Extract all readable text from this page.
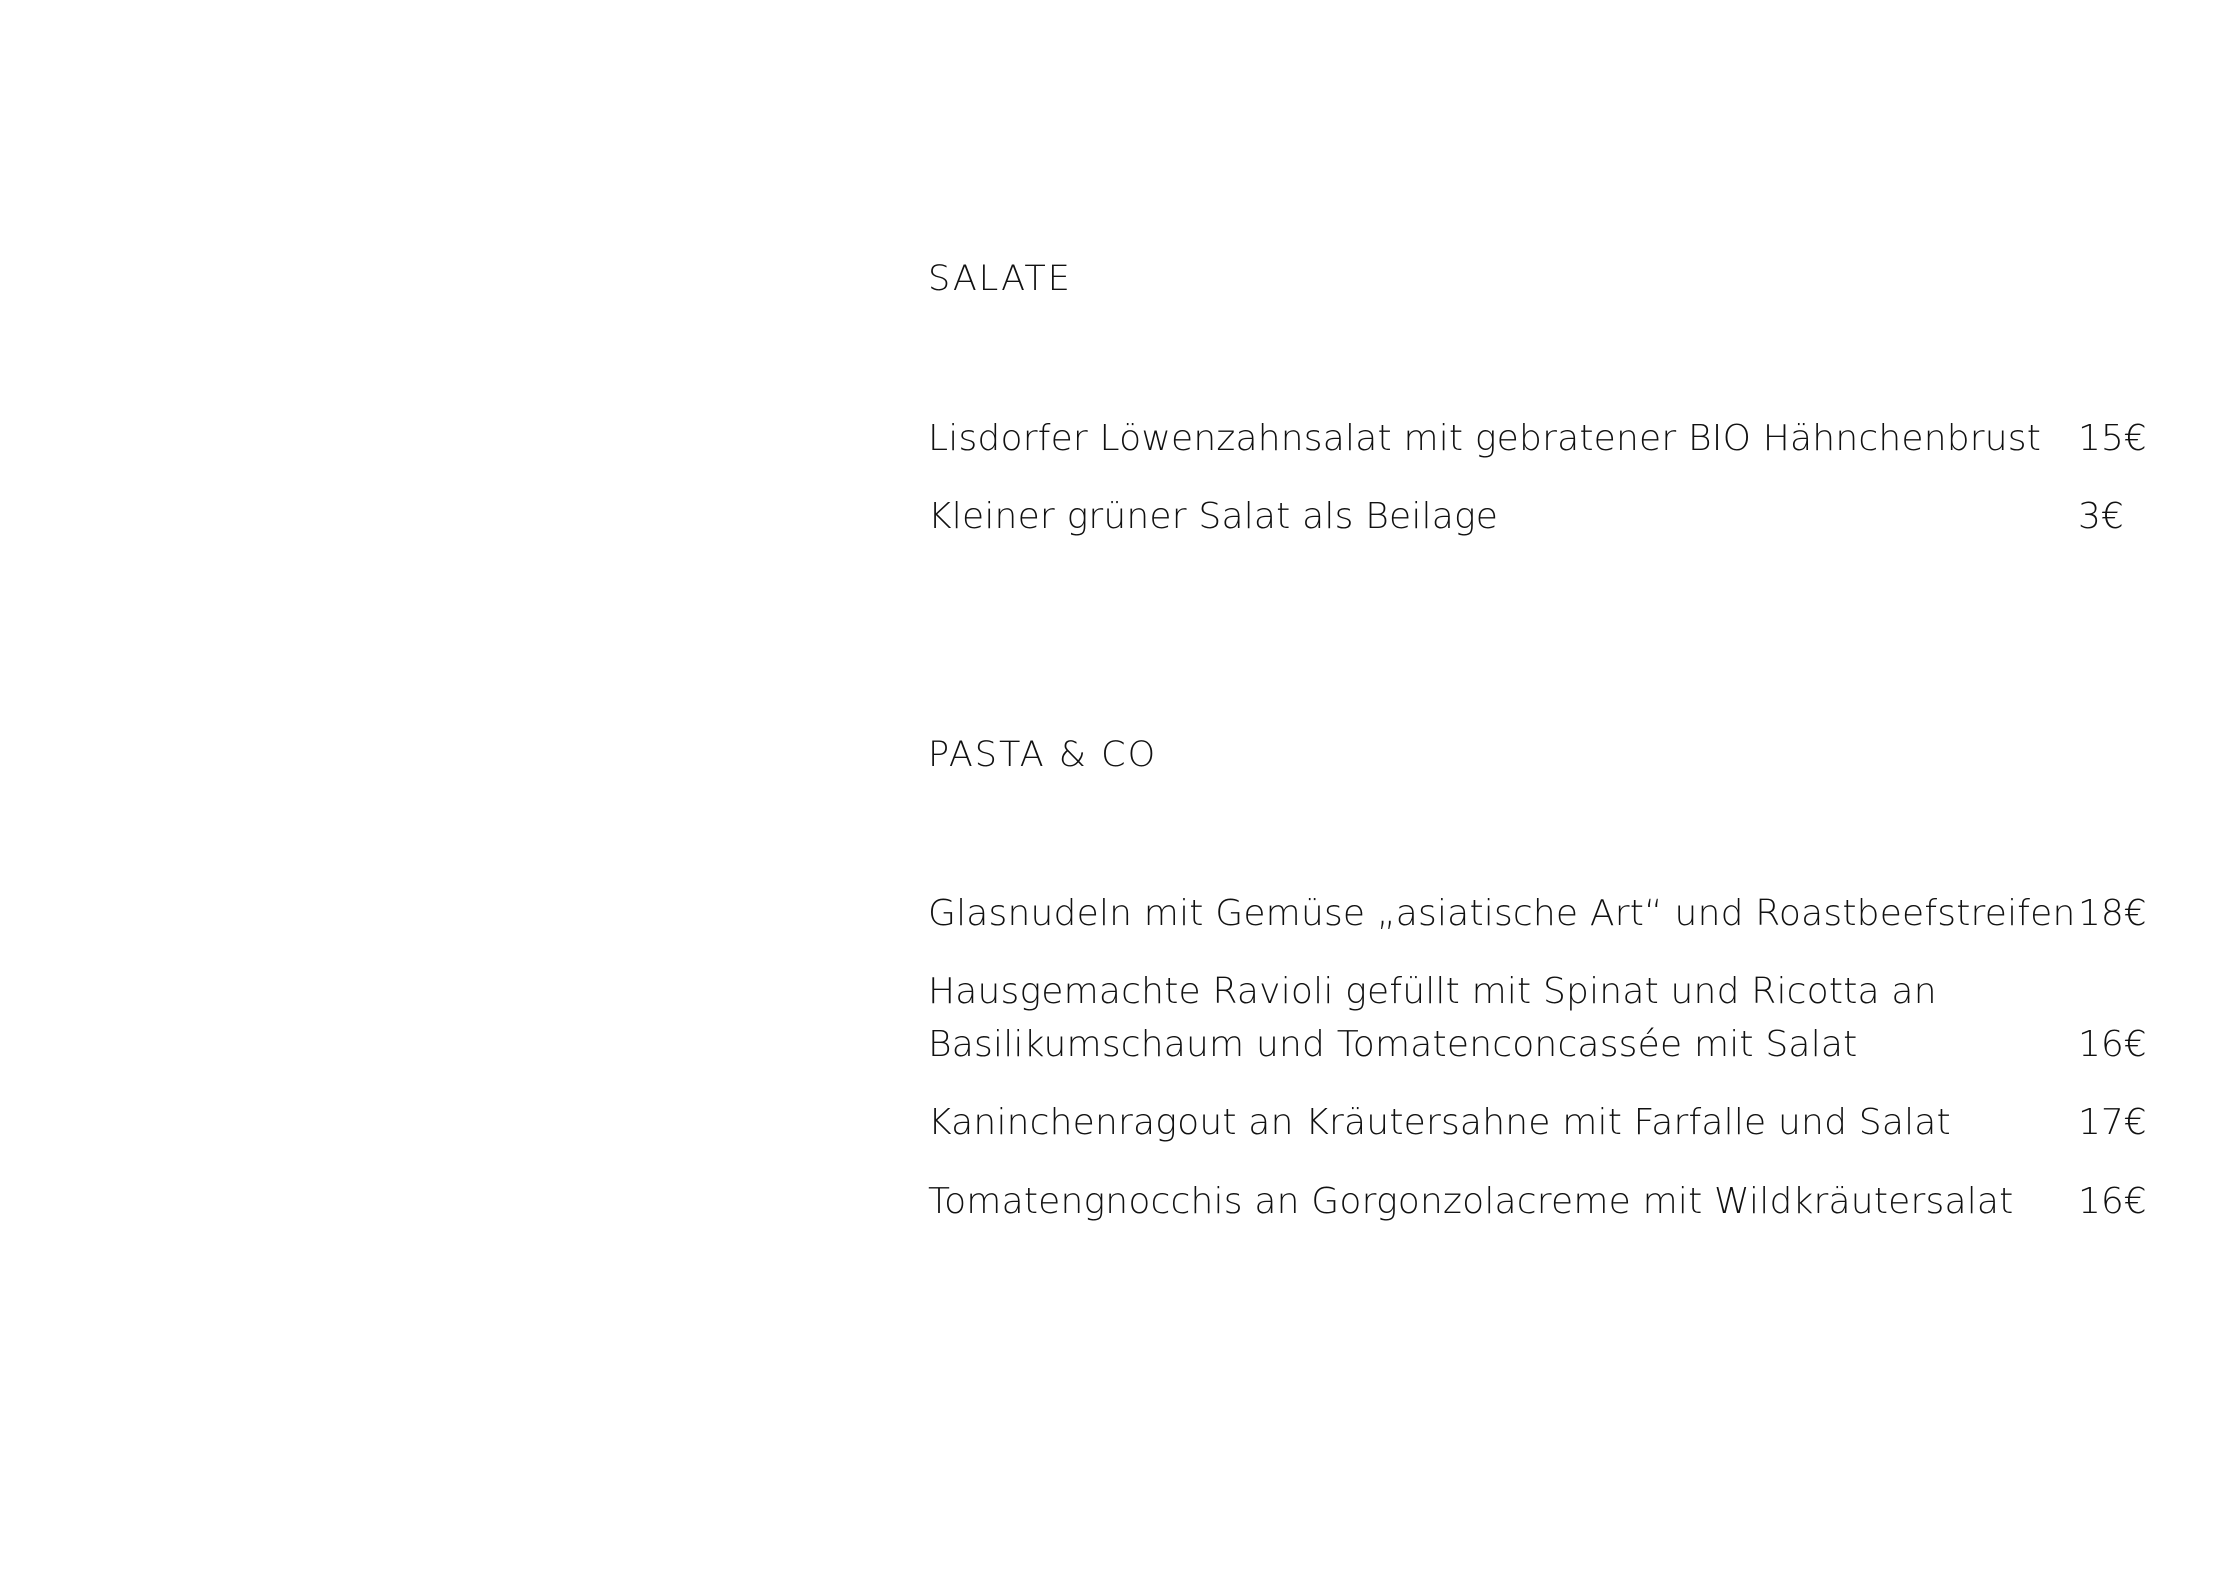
SALATE
Lisdorfer Löwenzahnsalat mit gebratener BIO Hähnchenbrust	15€
Kleiner grüner Salat als Beilage	3€
PASTA & CO
Glasnudeln mit Gemüse „asiatische Art“ und Roastbeefstreifen 18€
Hausgemachte Ravioli gefüllt mit Spinat und Ricotta an
Basilikumschaum und Tomatenconcassée mit Salat	16€
Kaninchenragout an Kräutersahne mit Farfalle und Salat	17€
Tomatengnocchis an Gorgonzolacreme mit Wildkräutersalat	16€
